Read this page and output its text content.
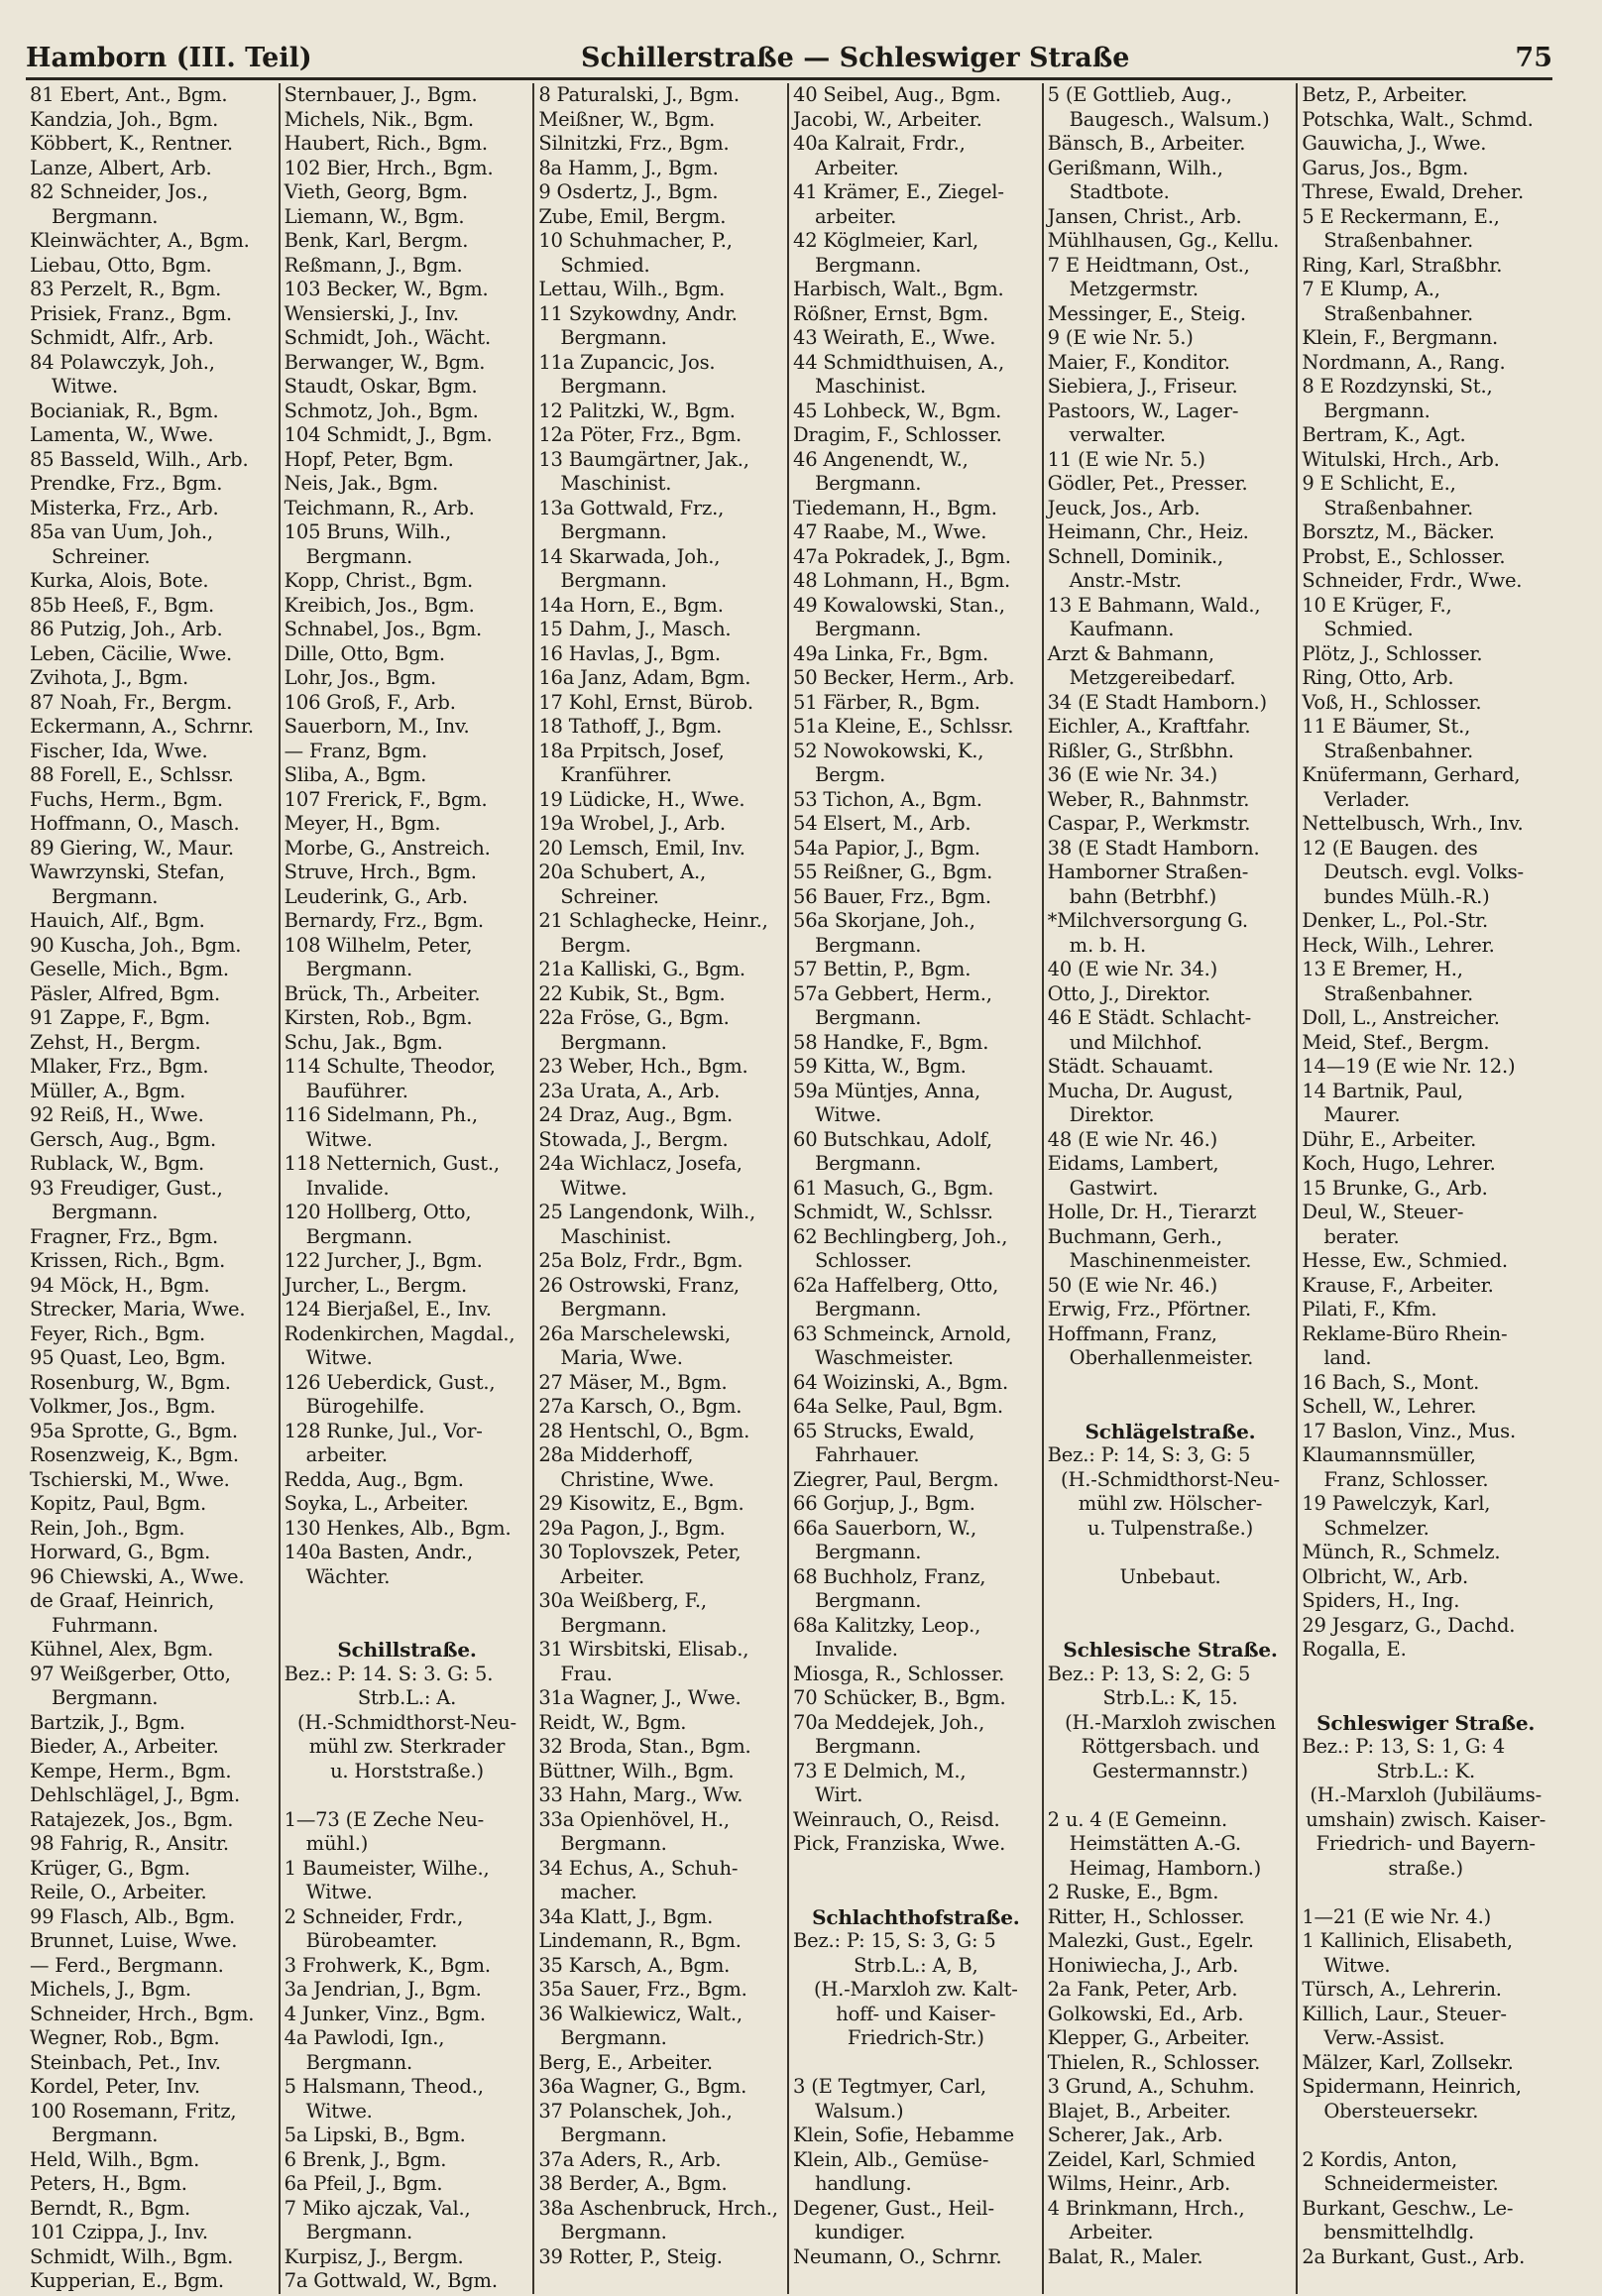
Hamborn (III. Teil)	Schillerstraße — Schleswiger Straße	75
81 Ebert, Ant., Bgm.
Kandzia, Joh., Bgm.
Köbbert, K., Rentner.
Lanze, Albert, Arb.
82 Schneider, Jos.,
Bergmann.
Kleinwächter, A., Bgm.
Liebau, Otto, Bgm.
83 Perzelt, R., Bgm.
Prisiek, Franz., Bgm.
Schmidt, Alfr., Arb.
84 Polawczyk, Joh.,
Witwe.
Bocianiak, R., Bgm.
Lamenta, W., Wwe.
85 Basseld, Wilh., Arb.
Prendke, Frz., Bgm.
Misterka, Frz., Arb.
85a van Uum, Joh.,
Schreiner.
Kurka, Alois, Bote.
85b Heeß, F., Bgm.
86 Putzig, Joh., Arb.
Leben, Cäcilie, Wwe.
Zvihota, J., Bgm.
87 Noah, Fr., Bergm.
Eckermann, A., Schrnr.
Fischer, Ida, Wwe.
88 Forell, E., Schlssr.
Fuchs, Herm., Bgm.
Hoffmann, O., Masch.
89 Giering, W., Maur.
Wawrzynski, Stefan,
Bergmann.
Hauich, Alf., Bgm.
90 Kuscha, Joh., Bgm.
Geselle, Mich., Bgm.
Päsler, Alfred, Bgm.
91 Zappe, F., Bgm.
Zehst, H., Bergm.
Mlaker, Frz., Bgm.
Müller, A., Bgm.
92 Reiß, H., Wwe.
Gersch, Aug., Bgm.
Rublack, W., Bgm.
93 Freudiger, Gust.,
Bergmann.
Fragner, Frz., Bgm.
Krissen, Rich., Bgm.
94 Möck, H., Bgm.
Strecker, Maria, Wwe.
Feyer, Rich., Bgm.
95 Quast, Leo, Bgm.
Rosenburg, W., Bgm.
Volkmer, Jos., Bgm.
95a Sprotte, G., Bgm.
Rosenzweig, K., Bgm.
Tschierski, M., Wwe.
Kopitz, Paul, Bgm.
Rein, Joh., Bgm.
Horward, G., Bgm.
96 Chiewski, A., Wwe.
de Graaf, Heinrich,
Fuhrmann.
Kühnel, Alex, Bgm.
97 Weißgerber, Otto,
Bergmann.
Bartzik, J., Bgm.
Bieder, A., Arbeiter.
Kempe, Herm., Bgm.
Dehlschlägel, J., Bgm.
Ratajezek, Jos., Bgm.
98 Fahrig, R., Ansitr.
Krüger, G., Bgm.
Reile, O., Arbeiter.
99 Flasch, Alb., Bgm.
Brunnet, Luise, Wwe.
— Ferd., Bergmann.
Michels, J., Bgm.
Schneider, Hrch., Bgm.
Wegner, Rob., Bgm.
Steinbach, Pet., Inv.
Kordel, Peter, Inv.
100 Rosemann, Fritz,
Bergmann.
Held, Wilh., Bgm.
Peters, H., Bgm.
Berndt, R., Bgm.
101 Czippa, J., Inv.
Schmidt, Wilh., Bgm.
Kupperian, E., Bgm.
Sternbauer, J., Bgm.
Michels, Nik., Bgm.
Haubert, Rich., Bgm.
102 Bier, Hrch., Bgm.
Vieth, Georg, Bgm.
Liemann, W., Bgm.
Benk, Karl, Bergm.
Reßmann, J., Bgm.
103 Becker, W., Bgm.
Wensierski, J., Inv.
Schmidt, Joh., Wächt.
Berwanger, W., Bgm.
Staudt, Oskar, Bgm.
Schmotz, Joh., Bgm.
104 Schmidt, J., Bgm.
Hopf, Peter, Bgm.
Neis, Jak., Bgm.
Teichmann, R., Arb.
105 Bruns, Wilh.,
Bergmann.
Kopp, Christ., Bgm.
Kreibich, Jos., Bgm.
Schnabel, Jos., Bgm.
Dille, Otto, Bgm.
Lohr, Jos., Bgm.
106 Groß, F., Arb.
Sauerborn, M., Inv.
— Franz, Bgm.
Sliba, A., Bgm.
107 Frerick, F., Bgm.
Meyer, H., Bgm.
Morbe, G., Anstreich.
Struve, Hrch., Bgm.
Leuderink, G., Arb.
Bernardy, Frz., Bgm.
108 Wilhelm, Peter,
Bergmann.
Brück, Th., Arbeiter.
Kirsten, Rob., Bgm.
Schu, Jak., Bgm.
114 Schulte, Theodor,
Bauführer.
116 Sidelmann, Ph.,
Witwe.
118 Netternich, Gust.,
Invalide.
120 Hollberg, Otto,
Bergmann.
122 Jurcher, J., Bgm.
Jurcher, L., Bergm.
124 Bierjaßel, E., Inv.
Rodenkirchen, Magdal.,
Witwe.
126 Ueberdick, Gust.,
Bürogehilfe.
128 Runke, Jul., Vor-
arbeiter.
Redda, Aug., Bgm.
Soyka, L., Arbeiter.
130 Henkes, Alb., Bgm.
140a Basten, Andr.,
Wächter.
Schillstraße.
Bez.: P: 14. S: 3. G: 5.
Strb.L.: A.
(H.-Schmidthorst-Neu-
mühl zw. Sterkrader
u. Horststraße.)
1—73 (E Zeche Neu-
mühl.)
1 Baumeister, Wilhe.,
Witwe.
2 Schneider, Frdr.,
Bürobeamter.
3 Frohwerk, K., Bgm.
3a Jendrian, J., Bgm.
4 Junker, Vinz., Bgm.
4a Pawlodi, Ign.,
Bergmann.
5 Halsmann, Theod.,
Witwe.
5a Lipski, B., Bgm.
6 Brenk, J., Bgm.
6a Pfeil, J., Bgm.
7 Miko ajczak, Val.,
Bergmann.
Kurpisz, J., Bergm.
7a Gottwald, W., Bgm.
8 Paturalski, J., Bgm.
Meißner, W., Bgm.
Silnitzki, Frz., Bgm.
8a Hamm, J., Bgm.
9 Osdertz, J., Bgm.
Zube, Emil, Bergm.
10 Schuhmacher, P.,
Schmied.
Lettau, Wilh., Bgm.
11 Szykowdny, Andr.
Bergmann.
11a Zupancic, Jos.
Bergmann.
12 Palitzki, W., Bgm.
12a Pöter, Frz., Bgm.
13 Baumgärtner, Jak.,
Maschinist.
13a Gottwald, Frz.,
Bergmann.
14 Skarwada, Joh.,
Bergmann.
14a Horn, E., Bgm.
15 Dahm, J., Masch.
16 Havlas, J., Bgm.
16a Janz, Adam, Bgm.
17 Kohl, Ernst, Bürob.
18 Tathoff, J., Bgm.
18a Prpitsch, Josef,
Kranführer.
19 Lüdicke, H., Wwe.
19a Wrobel, J., Arb.
20 Lemsch, Emil, Inv.
20a Schubert, A.,
Schreiner.
21 Schlaghecke, Heinr.,
Bergm.
21a Kalliski, G., Bgm.
22 Kubik, St., Bgm.
22a Fröse, G., Bgm.
Bergmann.
23 Weber, Hch., Bgm.
23a Urata, A., Arb.
24 Draz, Aug., Bgm.
Stowada, J., Bergm.
24a Wichlacz, Josefa,
Witwe.
25 Langendonk, Wilh.,
Maschinist.
25a Bolz, Frdr., Bgm.
26 Ostrowski, Franz,
Bergmann.
26a Marschelewski,
Maria, Wwe.
27 Mäser, M., Bgm.
27a Karsch, O., Bgm.
28 Hentschl, O., Bgm.
28a Midderhoff,
Christine, Wwe.
29 Kisowitz, E., Bgm.
29a Pagon, J., Bgm.
30 Toplovszek, Peter,
Arbeiter.
30a Weißberg, F.,
Bergmann.
31 Wirsbitski, Elisab.,
Frau.
31a Wagner, J., Wwe.
Reidt, W., Bgm.
32 Broda, Stan., Bgm.
Büttner, Wilh., Bgm.
33 Hahn, Marg., Ww.
33a Opienhövel, H.,
Bergmann.
34 Echus, A., Schuh-
macher.
34a Klatt, J., Bgm.
Lindemann, R., Bgm.
35 Karsch, A., Bgm.
35a Sauer, Frz., Bgm.
36 Walkiewicz, Walt.,
Bergmann.
Berg, E., Arbeiter.
36a Wagner, G., Bgm.
37 Polanschek, Joh.,
Bergmann.
37a Aders, R., Arb.
38 Berder, A., Bgm.
38a Aschenbruck, Hrch.,
Bergmann.
39 Rotter, P., Steig.
40 Seibel, Aug., Bgm.
Jacobi, W., Arbeiter.
40a Kalrait, Frdr.,
Arbeiter.
41 Krämer, E., Ziegel-
arbeiter.
42 Köglmeier, Karl,
Bergmann.
Harbisch, Walt., Bgm.
Rößner, Ernst, Bgm.
43 Weirath, E., Wwe.
44 Schmidthuisen, A.,
Maschinist.
45 Lohbeck, W., Bgm.
Dragim, F., Schlosser.
46 Angenendt, W.,
Bergmann.
Tiedemann, H., Bgm.
47 Raabe, M., Wwe.
47a Pokradek, J., Bgm.
48 Lohmann, H., Bgm.
49 Kowalowski, Stan.,
Bergmann.
49a Linka, Fr., Bgm.
50 Becker, Herm., Arb.
51 Färber, R., Bgm.
51a Kleine, E., Schlssr.
52 Nowokowski, K.,
Bergm.
53 Tichon, A., Bgm.
54 Elsert, M., Arb.
54a Papior, J., Bgm.
55 Reißner, G., Bgm.
56 Bauer, Frz., Bgm.
56a Skorjane, Joh.,
Bergmann.
57 Bettin, P., Bgm.
57a Gebbert, Herm.,
Bergmann.
58 Handke, F., Bgm.
59 Kitta, W., Bgm.
59a Müntjes, Anna,
Witwe.
60 Butschkau, Adolf,
Bergmann.
61 Masuch, G., Bgm.
Schmidt, W., Schlssr.
62 Bechlingberg, Joh.,
Schlosser.
62a Haffelberg, Otto,
Bergmann.
63 Schmeinck, Arnold,
Waschmeister.
64 Woizinski, A., Bgm.
64a Selke, Paul, Bgm.
65 Strucks, Ewald,
Fahrhauer.
Ziegrer, Paul, Bergm.
66 Gorjup, J., Bgm.
66a Sauerborn, W.,
Bergmann.
68 Buchholz, Franz,
Bergmann.
68a Kalitzky, Leop.,
Invalide.
Miosga, R., Schlosser.
70 Schücker, B., Bgm.
70a Meddejek, Joh.,
Bergmann.
73 E Delmich, M.,
Wirt.
Weinrauch, O., Reisd.
Pick, Franziska, Wwe.
Schlachthofstraße.
Bez.: P: 15, S: 3, G: 5
Strb.L.: A, B,
(H.-Marxloh zw. Kalt-
hoff- und Kaiser-
Friedrich-Str.)
3 (E Tegtmyer, Carl,
Walsum.)
Klein, Sofie, Hebamme
Klein, Alb., Gemüse-
handlung.
Degener, Gust., Heil-
kundiger.
Neumann, O., Schrnr.
5 (E Gottlieb, Aug.,
Baugesch., Walsum.)
Bänsch, B., Arbeiter.
Gerißmann, Wilh.,
Stadtbote.
Jansen, Christ., Arb.
Mühlhausen, Gg., Kellu.
7 E Heidtmann, Ost.,
Metzgermstr.
Messinger, E., Steig.
9 (E wie Nr. 5.)
Maier, F., Konditor.
Siebiera, J., Friseur.
Pastoors, W., Lager-
verwalter.
11 (E wie Nr. 5.)
Gödler, Pet., Presser.
Jeuck, Jos., Arb.
Heimann, Chr., Heiz.
Schnell, Dominik.,
Anstr.-Mstr.
13 E Bahmann, Wald.,
Kaufmann.
Arzt & Bahmann,
Metzgereibedarf.
34 (E Stadt Hamborn.)
Eichler, A., Kraftfahr.
Rißler, G., Strßbhn.
36 (E wie Nr. 34.)
Weber, R., Bahnmstr.
Caspar, P., Werkmstr.
38 (E Stadt Hamborn.
Hamborner Straßen-
bahn (Betrbhf.)
*Milchversorgung G.
m. b. H.
40 (E wie Nr. 34.)
Otto, J., Direktor.
46 E Städt. Schlacht-
und Milchhof.
Städt. Schauamt.
Mucha, Dr. August,
Direktor.
48 (E wie Nr. 46.)
Eidams, Lambert,
Gastwirt.
Holle, Dr. H., Tierarzt
Buchmann, Gerh.,
Maschinenmeister.
50 (E wie Nr. 46.)
Erwig, Frz., Pförtner.
Hoffmann, Franz,
Oberhallenmeister.
Schlägelstraße.
Bez.: P: 14, S: 3, G: 5
(H.-Schmidthorst-Neu-
mühl zw. Hölscher-
u. Tulpenstraße.)
Unbebaut.
Schlesische Straße.
Bez.: P: 13, S: 2, G: 5
Strb.L.: K, 15.
(H.-Marxloh zwischen
Röttgersbach. und
Gestermannstr.)
2 u. 4 (E Gemeinn.
Heimstätten A.-G.
Heimag, Hamborn.)
2 Ruske, E., Bgm.
Ritter, H., Schlosser.
Malezki, Gust., Egelr.
Honiwiecha, J., Arb.
2a Fank, Peter, Arb.
Golkowski, Ed., Arb.
Klepper, G., Arbeiter.
Thielen, R., Schlosser.
3 Grund, A., Schuhm.
Blajet, B., Arbeiter.
Scherer, Jak., Arb.
Zeidel, Karl, Schmied
Wilms, Heinr., Arb.
4 Brinkmann, Hrch.,
Arbeiter.
Balat, R., Maler.
Betz, P., Arbeiter.
Potschka, Walt., Schmd.
Gauwicha, J., Wwe.
Garus, Jos., Bgm.
Threse, Ewald, Dreher.
5 E Reckermann, E.,
Straßenbahner.
Ring, Karl, Straßbhr.
7 E Klump, A.,
Straßenbahner.
Klein, F., Bergmann.
Nordmann, A., Rang.
8 E Rozdzynski, St.,
Bergmann.
Bertram, K., Agt.
Witulski, Hrch., Arb.
9 E Schlicht, E.,
Straßenbahner.
Borsztz, M., Bäcker.
Probst, E., Schlosser.
Schneider, Frdr., Wwe.
10 E Krüger, F.,
Schmied.
Plötz, J., Schlosser.
Ring, Otto, Arb.
Voß, H., Schlosser.
11 E Bäumer, St.,
Straßenbahner.
Knüfermann, Gerhard,
Verlader.
Nettelbusch, Wrh., Inv.
12 (E Baugen. des
Deutsch. evgl. Volks-
bundes Mülh.-R.)
Denker, L., Pol.-Str.
Heck, Wilh., Lehrer.
13 E Bremer, H.,
Straßenbahner.
Doll, L., Anstreicher.
Meid, Stef., Bergm.
14—19 (E wie Nr. 12.)
14 Bartnik, Paul,
Maurer.
Dühr, E., Arbeiter.
Koch, Hugo, Lehrer.
15 Brunke, G., Arb.
Deul, W., Steuer-
berater.
Hesse, Ew., Schmied.
Krause, F., Arbeiter.
Pilati, F., Kfm.
Reklame-Büro Rhein-
land.
16 Bach, S., Mont.
Schell, W., Lehrer.
17 Baslon, Vinz., Mus.
Klaumannsmüller,
Franz, Schlosser.
19 Pawelczyk, Karl,
Schmelzer.
Münch, R., Schmelz.
Olbricht, W., Arb.
Spiders, H., Ing.
29 Jesgarz, G., Dachd.
Rogalla, E.
Schleswiger Straße.
Bez.: P: 13, S: 1, G: 4
Strb.L.: K.
(H.-Marxloh (Jubiläums-
umshain) zwisch. Kaiser-
Friedrich- und Bayern-
straße.)
1—21 (E wie Nr. 4.)
1 Kallinich, Elisabeth,
Witwe.
Türsch, A., Lehrerin.
Killich, Laur., Steuer-
Verw.-Assist.
Mälzer, Karl, Zollsekr.
Spidermann, Heinrich,
Obersteuersekr.
2 Kordis, Anton,
Schneidermeister.
Burkant, Geschw., Le-
bensmittelhdlg.
2a Burkant, Gust., Arb.
